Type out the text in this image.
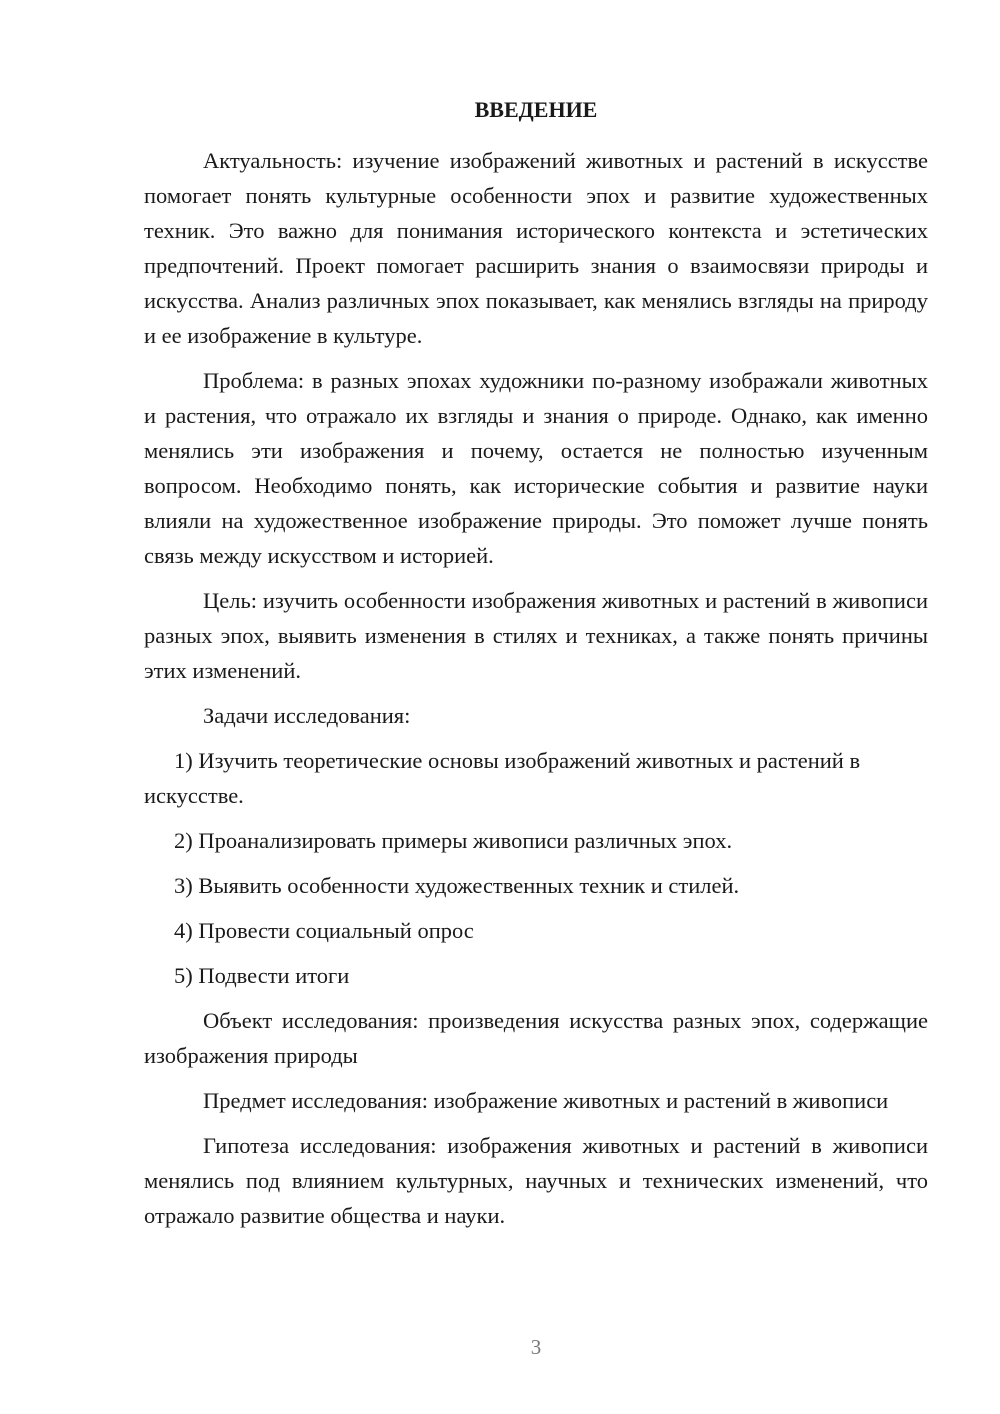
ВВЕДЕНИЕ

Актуальность: изучение изображений животных и растений в искусстве помогает понять культурные особенности эпох и развитие художественных техник. Это важно для понимания исторического контекста и эстетических предпочтений. Проект помогает расширить знания о взаимосвязи природы и искусства. Анализ различных эпох показывает, как менялись взгляды на природу и ее изображение в культуре.

Проблема: в разных эпохах художники по-разному изображали животных и растения, что отражало их взгляды и знания о природе. Однако, как именно менялись эти изображения и почему, остается не полностью изученным вопросом. Необходимо понять, как исторические события и развитие науки влияли на художественное изображение природы. Это поможет лучше понять связь между искусством и историей.

Цель: изучить особенности изображения животных и растений в живописи разных эпох, выявить изменения в стилях и техниках, а также понять причины этих изменений.

Задачи исследования:

1) Изучить теоретические основы изображений животных и растений в искусстве.

2) Проанализировать примеры живописи различных эпох.

3) Выявить особенности художественных техник и стилей.

4) Провести социальный опрос

5) Подвести итоги

Объект исследования: произведения искусства разных эпох, содержащие изображения природы

Предмет исследования: изображение животных и растений в живописи

Гипотеза исследования: изображения животных и растений в живописи менялись под влиянием культурных, научных и технических изменений, что отражало развитие общества и науки.

3
